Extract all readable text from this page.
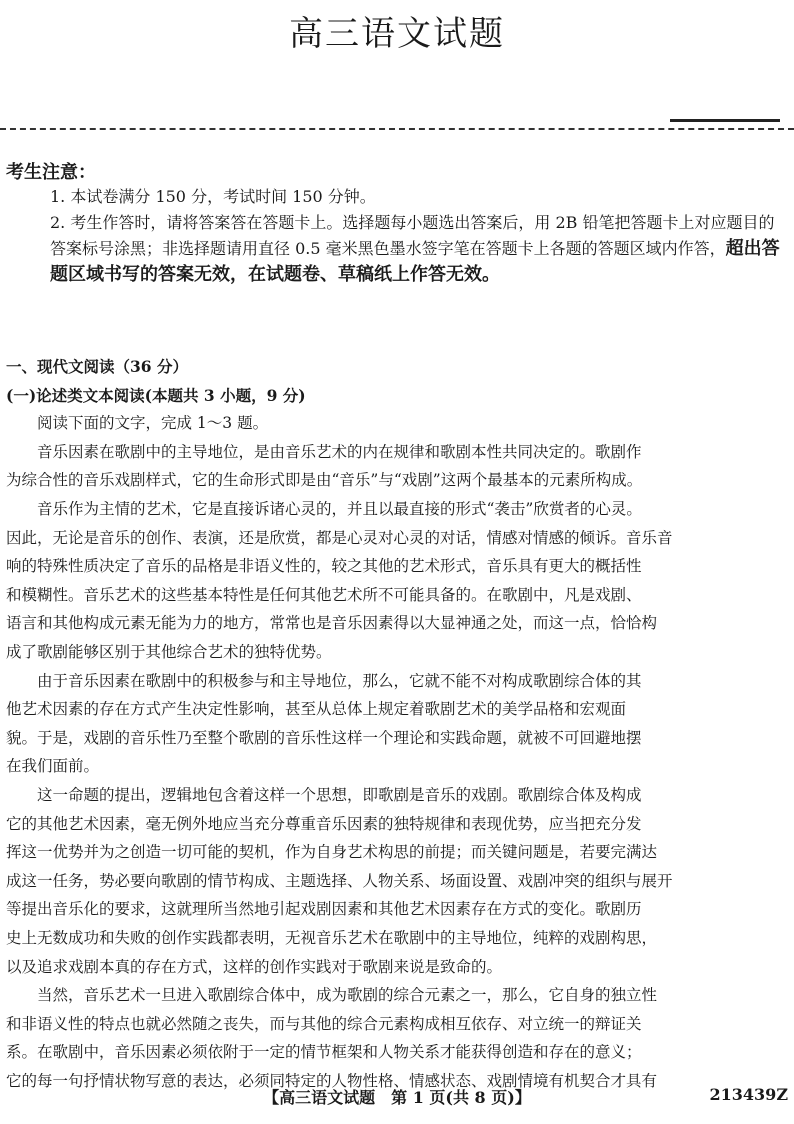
高三语文试题
考生注意：
1. 本试卷满分 150 分，考试时间 150 分钟。
2. 考生作答时，请将答案答在答题卡上。选择题每小题选出答案后，用 2B 铅笔把答题卡上对应题目的答案标号涂黑；非选择题请用直径 0.5 毫米黑色墨水签字笔在答题卡上各题的答题区域内作答，超出答题区域书写的答案无效，在试题卷、草稿纸上作答无效。
一、现代文阅读（36 分）
(一)论述类文本阅读(本题共 3 小题，9 分)
　　阅读下面的文字，完成 1～3 题。
　　音乐因素在歌剧中的主导地位，是由音乐艺术的内在规律和歌剧本性共同决定的。歌剧作
为综合性的音乐戏剧样式，它的生命形式即是由“音乐”与“戏剧”这两个最基本的元素所构成。
　　音乐作为主情的艺术，它是直接诉诸心灵的，并且以最直接的形式“袭击”欣赏者的心灵。
因此，无论是音乐的创作、表演，还是欣赏，都是心灵对心灵的对话，情感对情感的倾诉。音乐音
响的特殊性质决定了音乐的品格是非语义性的，较之其他的艺术形式，音乐具有更大的概括性
和模糊性。音乐艺术的这些基本特性是任何其他艺术所不可能具备的。在歌剧中，凡是戏剧、
语言和其他构成元素无能为力的地方，常常也是音乐因素得以大显神通之处，而这一点，恰恰构
成了歌剧能够区别于其他综合艺术的独特优势。
　　由于音乐因素在歌剧中的积极参与和主导地位，那么，它就不能不对构成歌剧综合体的其
他艺术因素的存在方式产生决定性影响，甚至从总体上规定着歌剧艺术的美学品格和宏观面
貌。于是，戏剧的音乐性乃至整个歌剧的音乐性这样一个理论和实践命题，就被不可回避地摆
在我们面前。
　　这一命题的提出，逻辑地包含着这样一个思想，即歌剧是音乐的戏剧。歌剧综合体及构成
它的其他艺术因素，毫无例外地应当充分尊重音乐因素的独特规律和表现优势，应当把充分发
挥这一优势并为之创造一切可能的契机，作为自身艺术构思的前提；而关键问题是，若要完满达
成这一任务，势必要向歌剧的情节构成、主题选择、人物关系、场面设置、戏剧冲突的组织与展开
等提出音乐化的要求，这就理所当然地引起戏剧因素和其他艺术因素存在方式的变化。歌剧历
史上无数成功和失败的创作实践都表明，无视音乐艺术在歌剧中的主导地位，纯粹的戏剧构思，
以及追求戏剧本真的存在方式，这样的创作实践对于歌剧来说是致命的。
　　当然，音乐艺术一旦进入歌剧综合体中，成为歌剧的综合元素之一，那么，它自身的独立性
和非语义性的特点也就必然随之丧失，而与其他的综合元素构成相互依存、对立统一的辩证关
系。在歌剧中，音乐因素必须依附于一定的情节框架和人物关系才能获得创造和存在的意义；
它的每一句抒情状物写意的表达，必须同特定的人物性格、情感状态、戏剧情境有机契合才具有
【高三语文试题　第 1 页(共 8 页)】	213439Z
